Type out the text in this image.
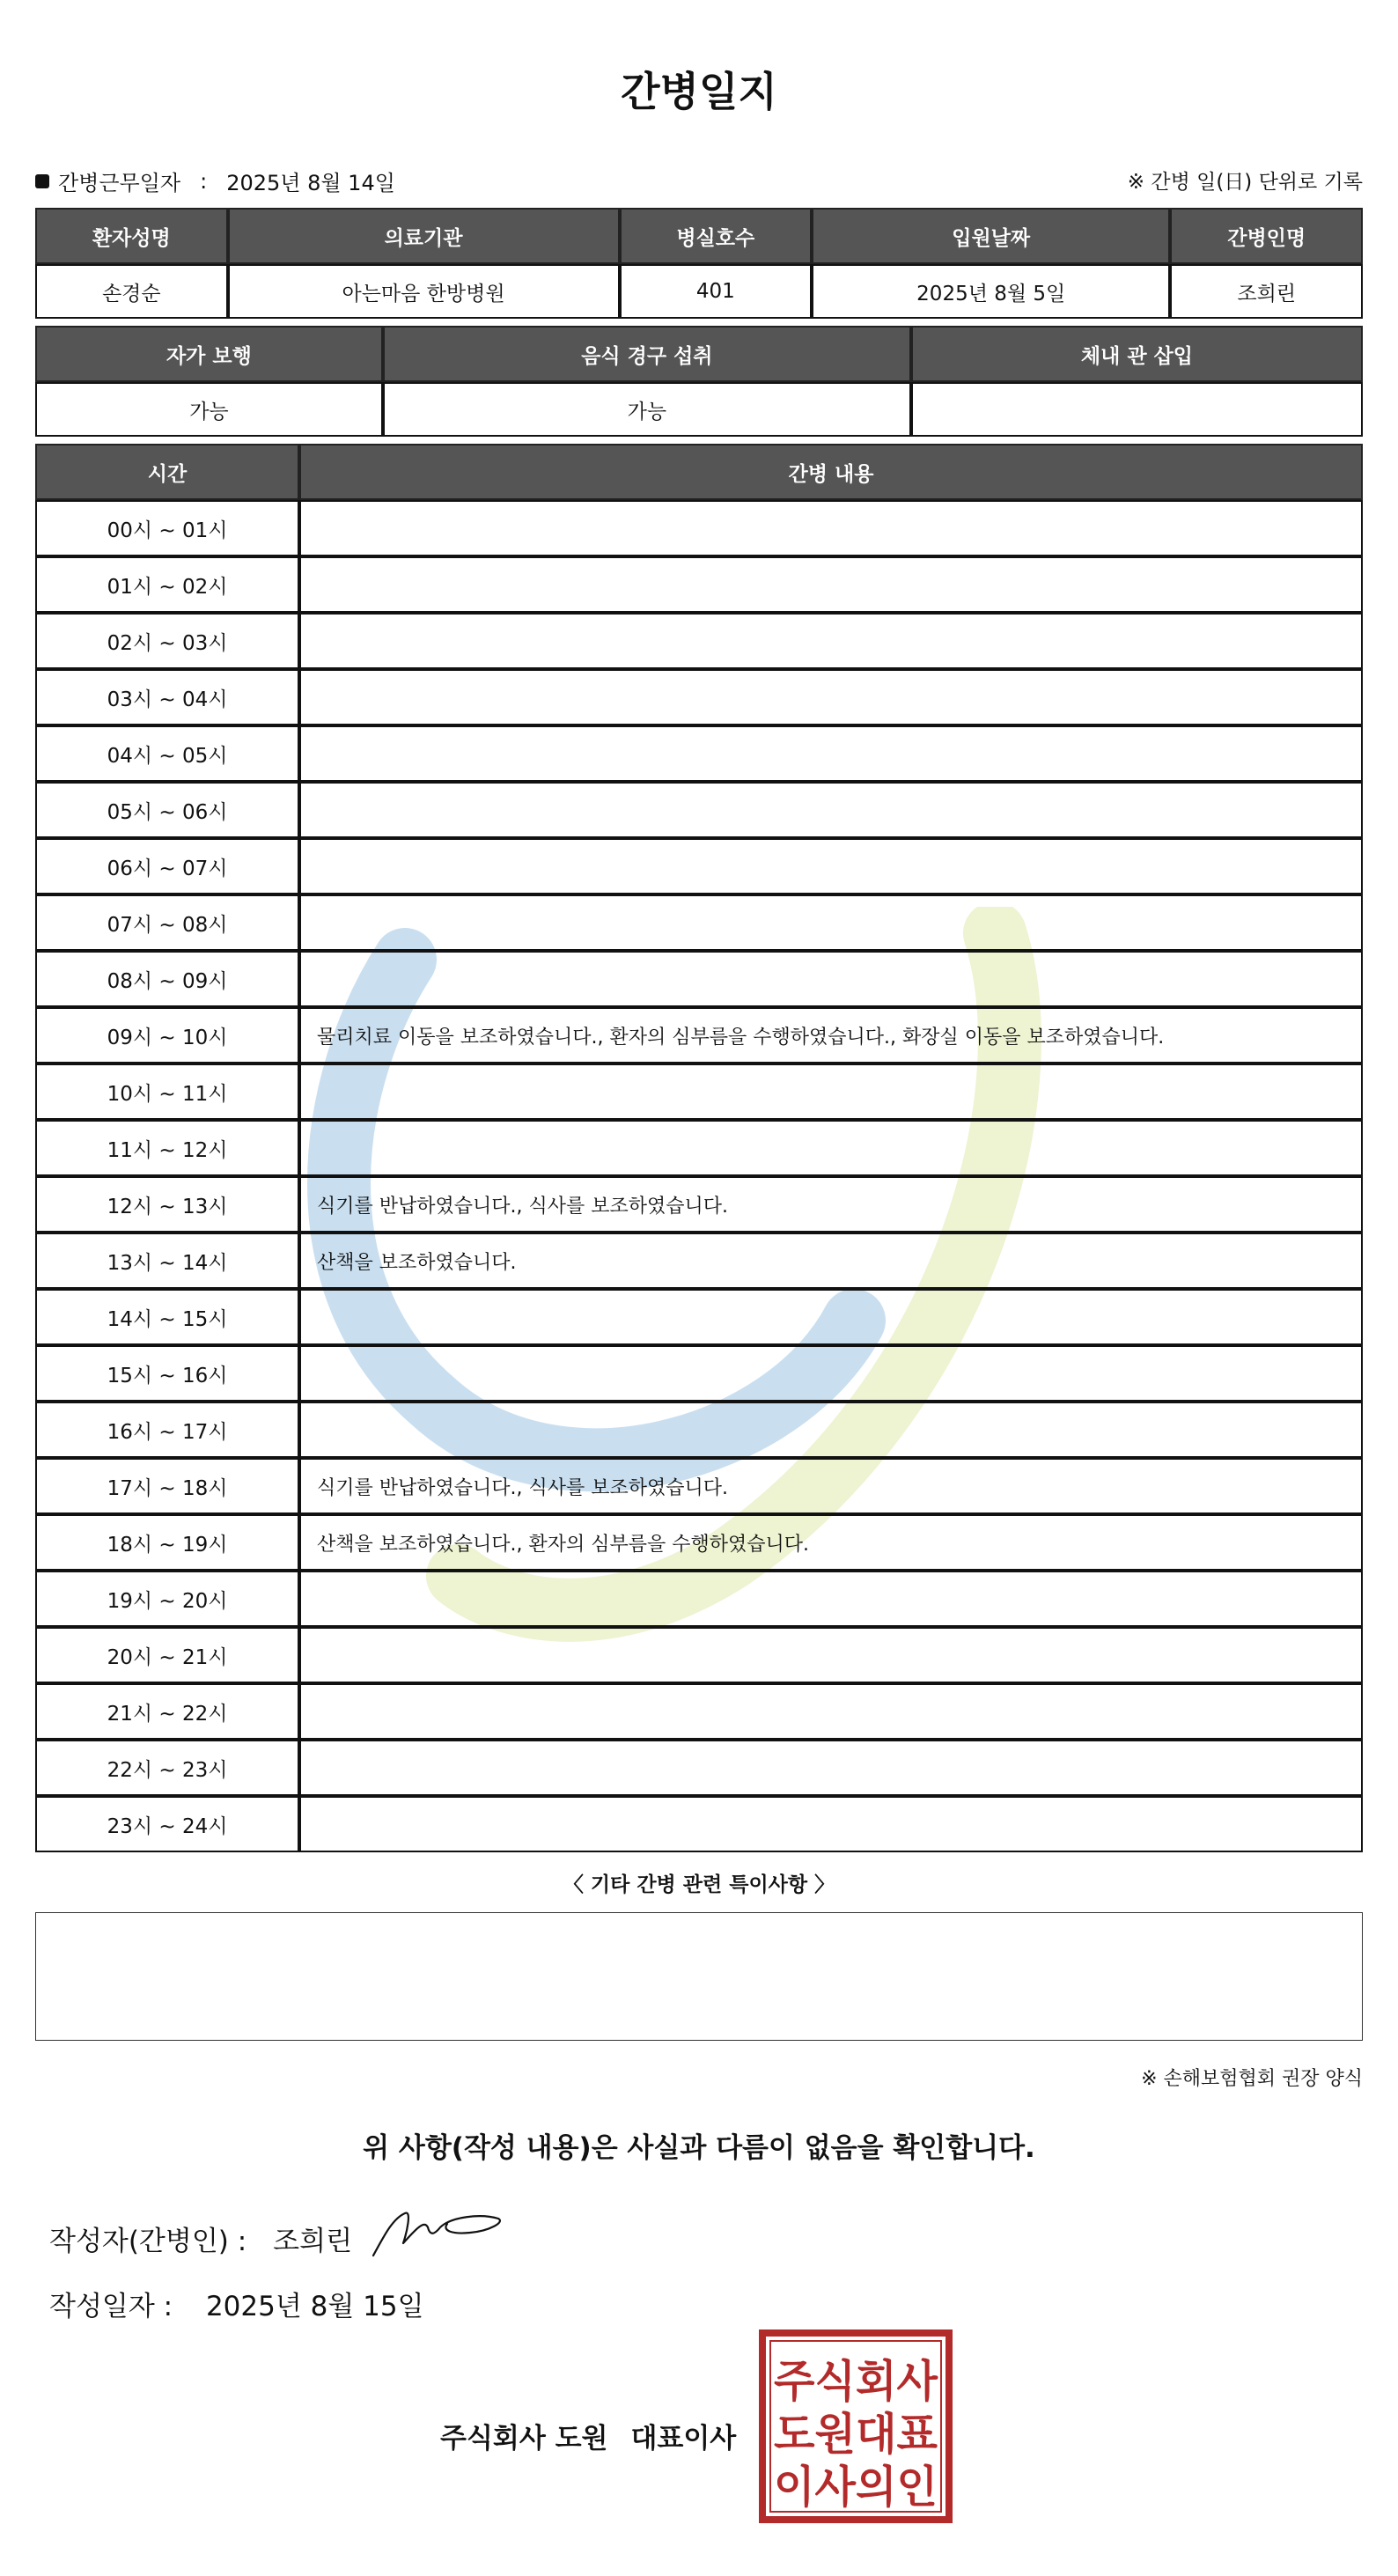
간병일지
간병근무일자 : 2025년 8월 14일	※ 간병 일(日) 단위로 기록
환자성명	의료기관	병실호수	입원날짜	간병인명
손경순	아는마음 한방병원	401	2025년 8월 5일	조희린
자가 보행	음식 경구 섭취	체내 관 삽입
가능	가능	
시간	간병 내용
00시 ~ 01시	
01시 ~ 02시	
02시 ~ 03시	
03시 ~ 04시	
04시 ~ 05시	
05시 ~ 06시	
06시 ~ 07시	
07시 ~ 08시	
08시 ~ 09시	
09시 ~ 10시	물리치료 이동을 보조하였습니다., 환자의 심부름을 수행하였습니다., 화장실 이동을 보조하였습니다.
10시 ~ 11시	
11시 ~ 12시	
12시 ~ 13시	식기를 반납하였습니다., 식사를 보조하였습니다.
13시 ~ 14시	산책을 보조하였습니다.
14시 ~ 15시	
15시 ~ 16시	
16시 ~ 17시	
17시 ~ 18시	식기를 반납하였습니다., 식사를 보조하였습니다.
18시 ~ 19시	산책을 보조하였습니다., 환자의 심부름을 수행하였습니다.
19시 ~ 20시	
20시 ~ 21시	
21시 ~ 22시	
22시 ~ 23시	
23시 ~ 24시	
〈 기타 간병 관련 특이사항 〉
※ 손해보험협회 권장 양식
위 사항(작성 내용)은 사실과 다름이 없음을 확인합니다.
작성자(간병인) : 조희린
작성일자 : 2025년 8월 15일
주식회사 도원 대표이사
주식회사
도원대표
이사의인
